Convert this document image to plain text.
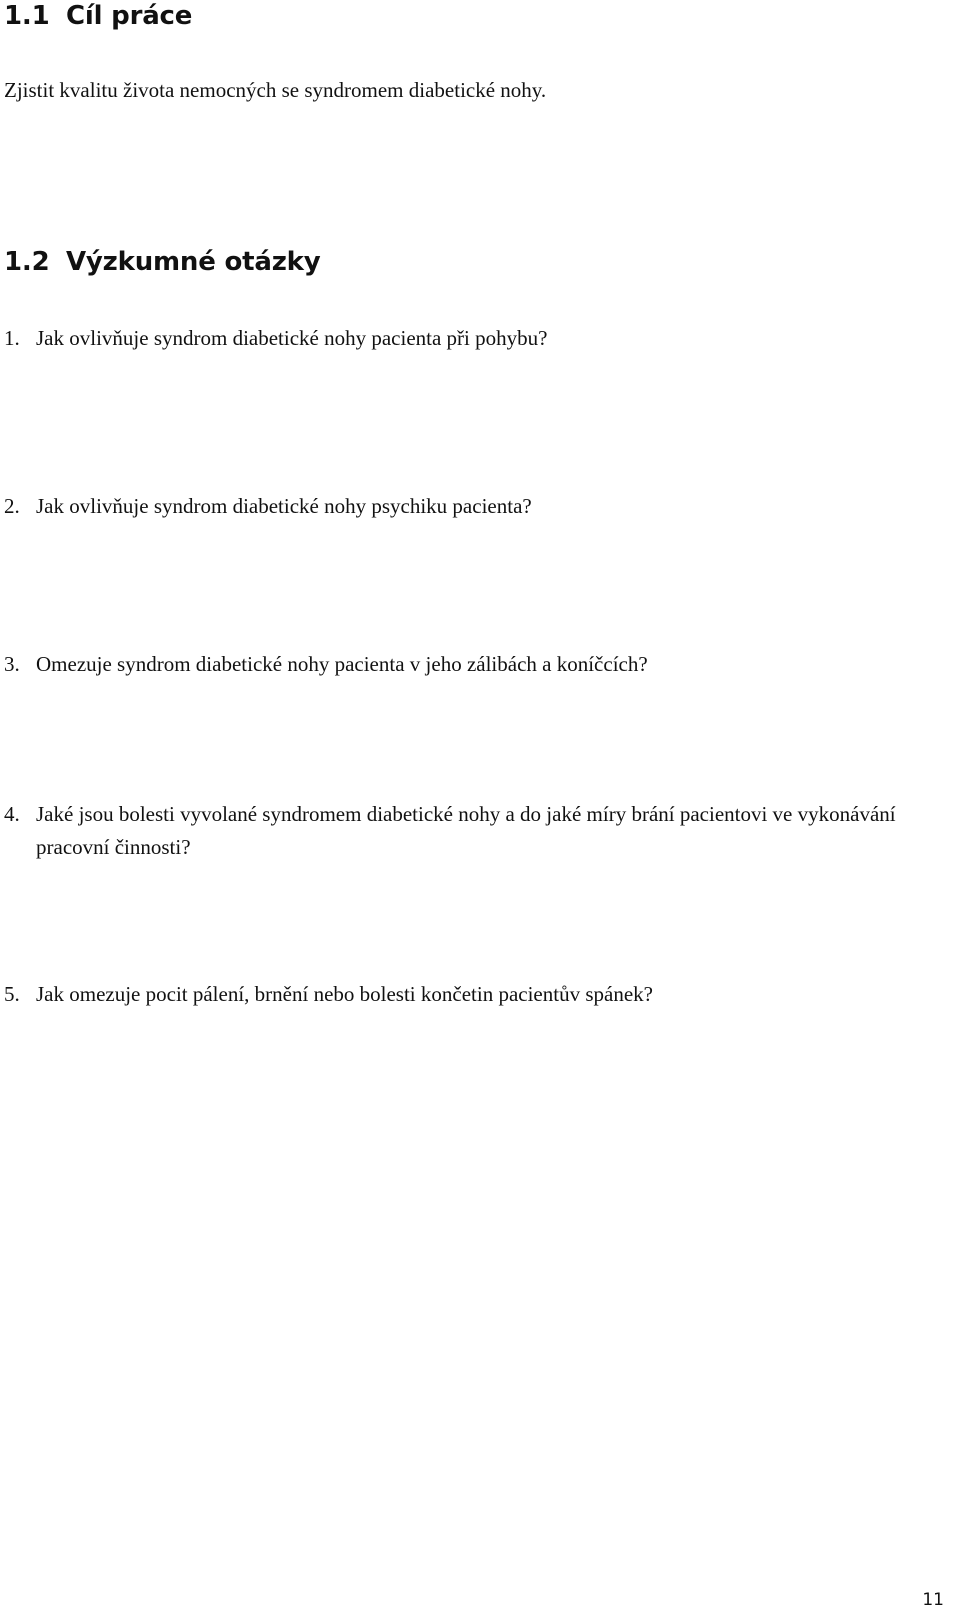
1.1 Cíl práce

Zjistit kvalitu života nemocných se syndromem diabetické nohy.

1.2 Výzkumné otázky
1. Jak ovlivňuje syndrom diabetické nohy pacienta při pohybu?
2. Jak ovlivňuje syndrom diabetické nohy psychiku pacienta?
3. Omezuje syndrom diabetické nohy pacienta v jeho zálibách a koníčcích?
4. Jaké jsou bolesti vyvolané syndromem diabetické nohy a do jaké míry brání pacientovi ve vykonávání pracovní činnosti?
5. Jak omezuje pocit pálení, brnění nebo bolesti končetin pacientův spánek?

11
